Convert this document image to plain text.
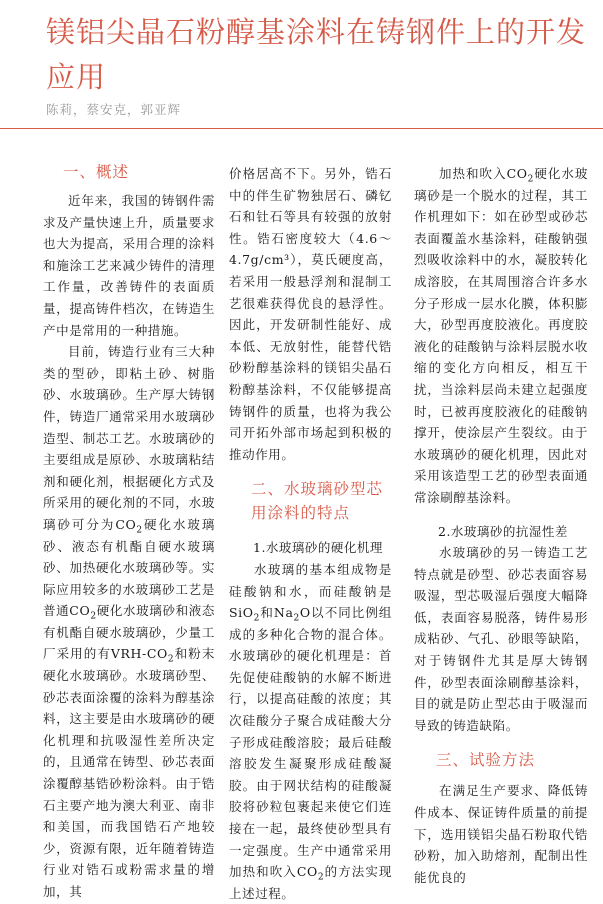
镁铝尖晶石粉醇基涂料在铸钢件上的开发应用
陈莉，蔡安克，郭亚辉
一、概述

近年来，我国的铸钢件需求及产量快速上升，质量要求也大为提高，采用合理的涂料和施涂工艺来减少铸件的清理工作量，改善铸件的表面质量，提高铸件档次，在铸造生产中是常用的一种措施。

目前，铸造行业有三大种类的型砂，即粘土砂、树脂砂、水玻璃砂。生产厚大铸钢件，铸造厂通常采用水玻璃砂造型、制芯工艺。水玻璃砂的主要组成是原砂、水玻璃粘结剂和硬化剂，根据硬化方式及所采用的硬化剂的不同，水玻璃砂可分为$CO_2$硬化水玻璃砂、液态有机酯自硬水玻璃砂、加热硬化水玻璃砂等。实际应用较多的水玻璃砂工艺是普通$CO_2$硬化水玻璃砂和液态有机酯自硬水玻璃砂，少量工厂采用的有VRH-$CO_2$和粉末硬化水玻璃砂。水玻璃砂型、砂芯表面涂覆的涂料为醇基涂料，这主要是由水玻璃砂的硬化机理和抗吸湿性差所决定的，且通常在铸型、砂芯表面涂覆醇基锆砂粉涂料。由于锆石主要产地为澳大利亚、南非和美国，而我国锆石产地较少，资源有限，近年随着铸造行业对锆石或粉需求量的增加，其

价格居高不下。另外，锆石中的伴生矿物独居石、磷钇石和钍石等具有较强的放射性。锆石密度较大（4.6～4.7g/cm³），莫氏硬度高，若采用一般悬浮剂和混制工艺很难获得优良的悬浮性。因此，开发研制性能好、成本低、无放射性，能替代锆砂粉醇基涂料的镁铝尖晶石粉醇基涂料，不仅能够提高铸钢件的质量，也将为我公司开拓外部市场起到积极的推动作用。

二、水玻璃砂型芯用涂料的特点
1.水玻璃砂的硬化机理

水玻璃的基本组成物是硅酸钠和水，而硅酸钠是SiO$_2$和$Na_2O$以不同比例组成的多种化合物的混合体。水玻璃砂的硬化机理是：首先促使硅酸钠的水解不断进行，以提高硅酸的浓度；其次硅酸分子聚合成硅酸大分子形成硅酸溶胶；最后硅酸溶胶发生凝聚形成硅酸凝胶。由于网状结构的硅酸凝胶将砂粒包裹起来使它们连接在一起，最终使砂型具有一定强度。生产中通常采用加热和吹入$CO_2$的方法实现上述过程。

加热和吹入$CO_2$硬化水玻璃砂是一个脱水的过程，其工作机理如下：如在砂型或砂芯表面覆盖水基涂料，硅酸钠强烈吸收涂料中的水，凝胶转化成溶胶，在其周围溶合许多水分子形成一层水化膜，体积膨大，砂型再度胶液化。再度胶液化的硅酸钠与涂料层脱水收缩的变化方向相反，相互干扰，当涂料层尚未建立起强度时，已被再度胶液化的硅酸钠撑开，使涂层产生裂纹。由于水玻璃砂的硬化机理，因此对采用该造型工艺的砂型表面通常涂刷醇基涂料。

2.水玻璃砂的抗湿性差

水玻璃砂的另一铸造工艺特点就是砂型、砂芯表面容易吸湿，型芯吸湿后强度大幅降低，表面容易脱落，铸件易形成粘砂、气孔、砂眼等缺陷，对于铸钢件尤其是厚大铸钢件，砂型表面涂刷醇基涂料，目的就是防止型芯由于吸湿而导致的铸造缺陷。

三、试验方法

在满足生产要求、降低铸件成本、保证铸件质量的前提下，选用镁铝尖晶石粉取代锆砂粉，加入助熔剂，配制出性能优良的
